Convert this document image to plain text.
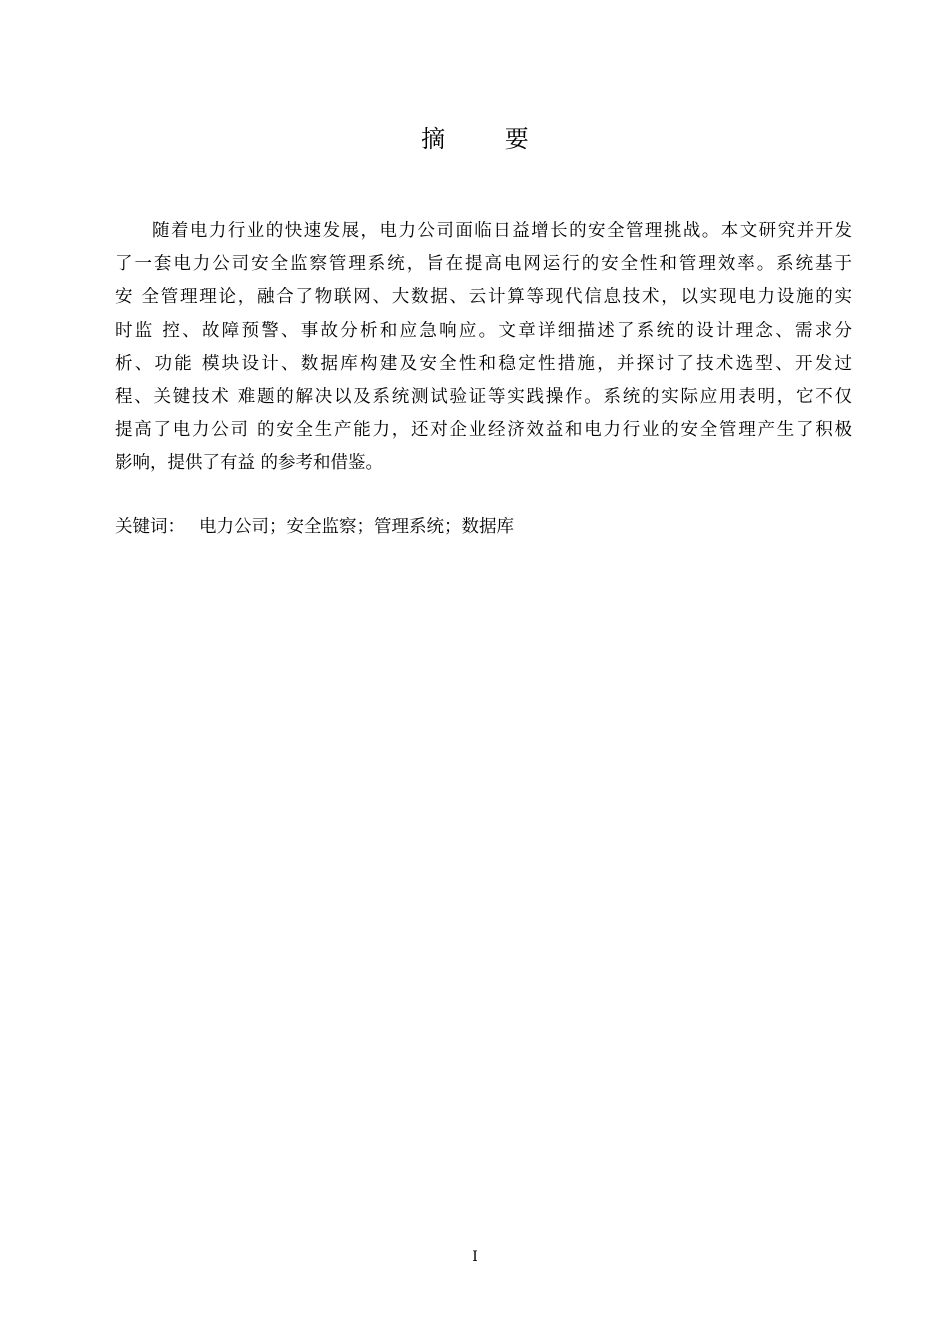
摘 要
随着电力行业的快速发展，电力公司面临日益增长的安全管理挑战。本文研究并开发
了一套电力公司安全监察管理系统，旨在提高电网运行的安全性和管理效率。系统基于
安 全管理理论，融合了物联网、大数据、云计算等现代信息技术，以实现电力设施的实
时监 控、故障预警、事故分析和应急响应。文章详细描述了系统的设计理念、需求分
析、功能 模块设计、数据库构建及安全性和稳定性措施，并探讨了技术选型、开发过
程、关键技术 难题的解决以及系统测试验证等实践操作。系统的实际应用表明，它不仅
提高了电力公司 的安全生产能力，还对企业经济效益和电力行业的安全管理产生了积极
影响，提供了有益 的参考和借鉴。
关键词： 电力公司；安全监察；管理系统；数据库
I
